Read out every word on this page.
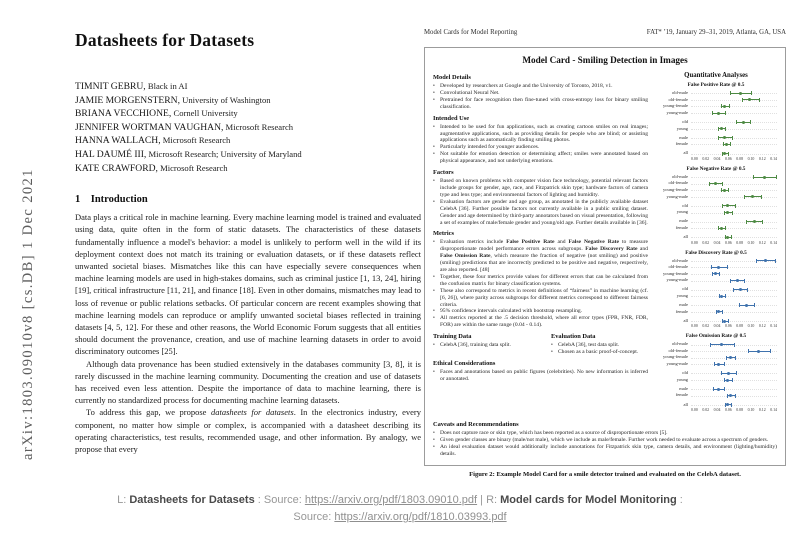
arXiv:1803.09010v8 [cs.DB] 1 Dec 2021
Datasheets for Datasets
TIMNIT GEBRU, Black in AI
JAMIE MORGENSTERN, University of Washington
BRIANA VECCHIONE, Cornell University
JENNIFER WORTMAN VAUGHAN, Microsoft Research
HANNA WALLACH, Microsoft Research
HAL DAUMÉ III, Microsoft Research; University of Maryland
KATE CRAWFORD, Microsoft Research
1 Introduction
Data plays a critical role in machine learning. Every machine learning model is trained and evaluated using data, quite often in the form of static datasets. The characteristics of these datasets fundamentally influence a model's behavior: a model is unlikely to perform well in the wild if its deployment context does not match its training or evaluation datasets, or if these datasets reflect unwanted societal biases. Mismatches like this can have especially severe consequences when machine learning models are used in high-stakes domains, such as criminal justice [1, 13, 24], hiring [19], critical infrastructure [11, 21], and finance [18]. Even in other domains, mismatches may lead to loss of revenue or public relations setbacks. Of particular concern are recent examples showing that machine learning models can reproduce or amplify unwanted societal biases reflected in training datasets [4, 5, 12]. For these and other reasons, the World Economic Forum suggests that all entities should document the provenance, creation, and use of machine learning datasets in order to avoid discriminatory outcomes [25].
Although data provenance has been studied extensively in the databases community [3, 8], it is rarely discussed in the machine learning community. Documenting the creation and use of datasets has received even less attention. Despite the importance of data to machine learning, there is currently no standardized process for documenting machine learning datasets.
To address this gap, we propose datasheets for datasets. In the electronics industry, every component, no matter how simple or complex, is accompanied with a datasheet describing its operating characteristics, test results, recommended usage, and other information. By analogy, we propose that every
Model Cards for Model Reporting	FAT* ’19, January 29–31, 2019, Atlanta, GA, USA
Model Card - Smiling Detection in Images
Model Details
• Developed by researchers at Google and the University of Toronto, 2018, v1.
• Convolutional Neural Net.
• Pretrained for face recognition then fine-tuned with cross-entropy loss for binary smiling classification.
Intended Use
• Intended to be used for fun applications, such as creating cartoon smiles on real images; augmentative applications, such as providing details for people who are blind; or assisting applications such as automatically finding smiling photos.
• Particularly intended for younger audiences.
• Not suitable for emotion detection or determining affect; smiles were annotated based on physical appearance, and not underlying emotions.
Factors
• Based on known problems with computer vision face technology, potential relevant factors include groups for gender, age, race, and Fitzpatrick skin type; hardware factors of camera type and lens type; and environmental factors of lighting and humidity.
• Evaluation factors are gender and age group, as annotated in the publicly available dataset CelebA [36]. Further possible factors not currently available in a public smiling dataset. Gender and age determined by third-party annotators based on visual presentation, following a set of examples of male/female gender and young/old age. Further details available in [36].
Metrics
• Evaluation metrics include False Positive Rate and False Negative Rate to measure disproportionate model performance errors across subgroups. False Discovery Rate and False Omission Rate, which measure the fraction of negative (not smiling) and positive (smiling) predictions that are incorrectly predicted to be positive and negative, respectively, are also reported. [48]
• Together, these four metrics provide values for different errors that can be calculated from the confusion matrix for binary classification systems.
• These also correspond to metrics in recent definitions of “fairness” in machine learning (cf. [6, 26]), where parity across subgroups for different metrics correspond to different fairness criteria.
• 95% confidence intervals calculated with bootstrap resampling.
• All metrics reported at the .5 decision threshold, where all error types (FPR, FNR, FDR, FOR) are within the same range (0.04 - 0.14).
Training Data
• CelebA [36], training data split.
Evaluation Data
• CelebA [36], test data split.
• Chosen as a basic proof-of-concept.
Ethical Considerations
• Faces and annotations based on public figures (celebrities). No new information is inferred or annotated.
Quantitative Analyses
False Positive Rate @ 0.5
old-male
old-female
young-female
young-male
old
young
male
female
all
0.00 0.02 0.04 0.06 0.08 0.10 0.12 0.14
False Negative Rate @ 0.5
old-male
old-female
young-female
young-male
old
young
male
female
all
0.00 0.02 0.04 0.06 0.08 0.10 0.12 0.14
False Discovery Rate @ 0.5
old-male
old-female
young-female
young-male
old
young
male
female
all
0.00 0.02 0.04 0.06 0.08 0.10 0.12 0.14
False Omission Rate @ 0.5
old-male
old-female
young-female
young-male
old
young
male
female
all
0.00 0.02 0.04 0.06 0.08 0.10 0.12 0.14
Caveats and Recommendations
• Does not capture race or skin type, which has been reported as a source of disproportionate errors [5].
• Given gender classes are binary (male/not male), which we include as male/female. Further work needed to evaluate across a spectrum of genders.
• An ideal evaluation dataset would additionally include annotations for Fitzpatrick skin type, camera details, and environment (lighting/humidity) details.
Figure 2: Example Model Card for a smile detector trained and evaluated on the CelebA dataset.
L: Datasheets for Datasets : Source: https://arxiv.org/pdf/1803.09010.pdf | R: Model cards for Model Monitoring :
Source: https://arxiv.org/pdf/1810.03993.pdf
